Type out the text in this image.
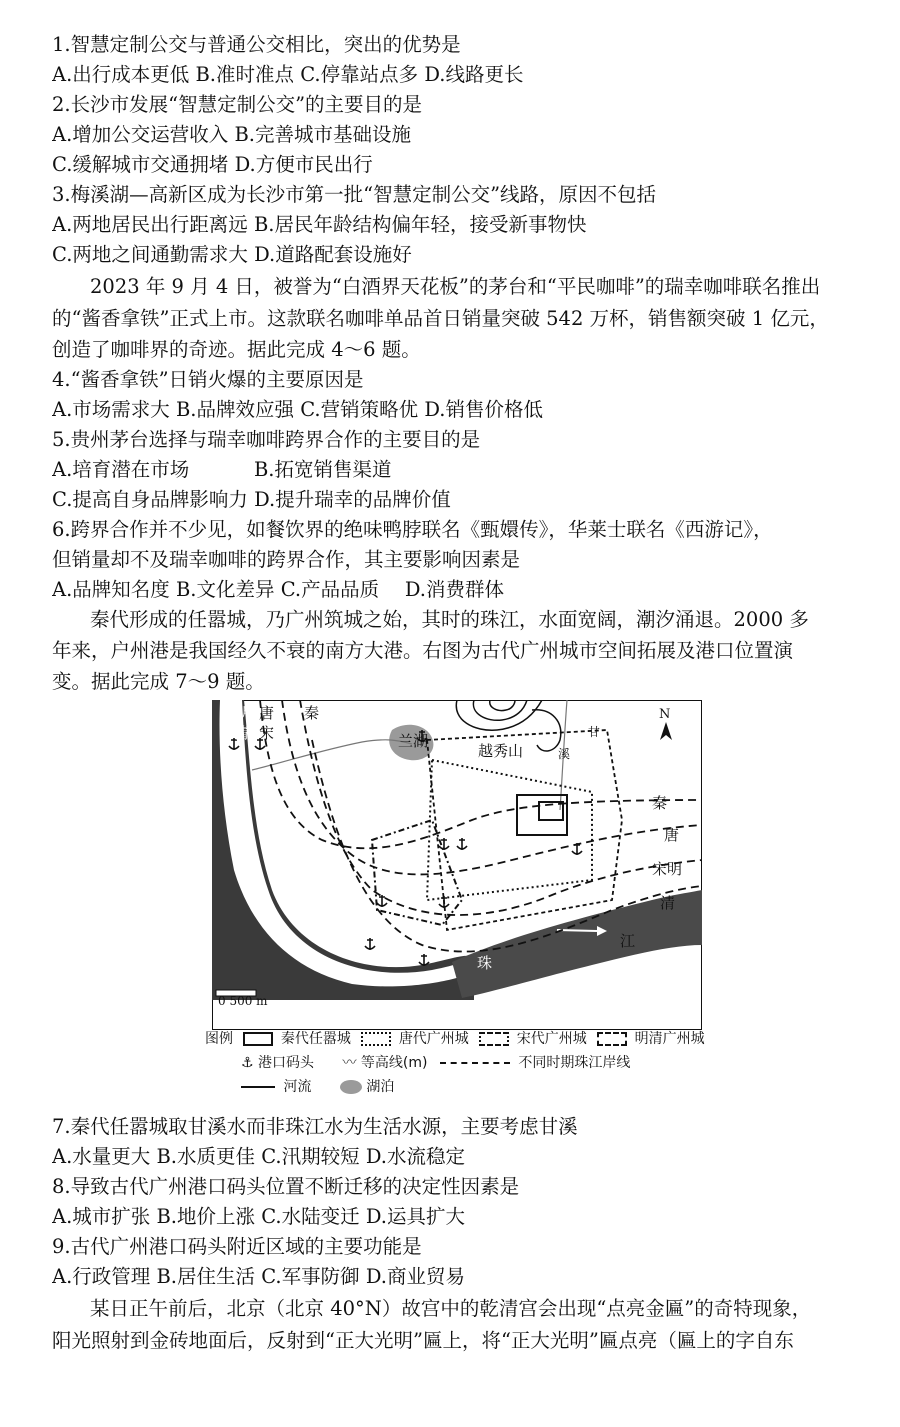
1.智慧定制公交与普通公交相比，突出的优势是
A.出行成本更低 B.准时准点 C.停靠站点多 D.线路更长
2.长沙市发展“智慧定制公交”的主要目的是
A.增加公交运营收入 B.完善城市基础设施
C.缓解城市交通拥堵 D.方便市民出行
3.梅溪湖—高新区成为长沙市第一批“智慧定制公交”线路，原因不包括
A.两地居民出行距离远 B.居民年龄结构偏年轻，接受新事物快
C.两地之间通勤需求大 D.道路配套设施好
2023 年 9 月 4 日，被誉为“白酒界天花板”的茅台和“平民咖啡”的瑞幸咖啡联名推出
的“酱香拿铁”正式上市。这款联名咖啡单品首日销量突破 542 万杯，销售额突破 1 亿元，
创造了咖啡界的奇迹。据此完成 4～6 题。
4.“酱香拿铁”日销火爆的主要原因是
A.市场需求大 B.品牌效应强 C.营销策略优 D.销售价格低
5.贵州茅台选择与瑞幸咖啡跨界合作的主要目的是
A.培育潜在市场　　　 B.拓宽销售渠道
C.提高自身品牌影响力 D.提升瑞幸的品牌价值
6.跨界合作并不少见，如餐饮界的绝味鸭脖联名《甄嬛传》，华莱士联名《西游记》，
但销量却不及瑞幸咖啡的跨界合作，其主要影响因素是
A.品牌知名度 B.文化差异 C.产品品质　 D.消费群体
秦代形成的任嚣城，乃广州筑城之始，其时的珠江，水面宽阔，潮汐涌退。2000 多
年来，户州港是我国经久不衰的南方大港。右图为古代广州城市空间拓展及港口位置演
变。据此完成 7～9 题。
明 唐
宋
清
秦
兰湖
越秀山
甘
溪
N
秦
唐
宋明
清
江
珠
0 500 m
图例	秦代任嚣城	唐代广州城	宋代广州城	明清广州城
⚓ 港口码头 〰 等高线(m)	不同时期珠江岸线
河流	湖泊
7.秦代任嚣城取甘溪水而非珠江水为生活水源，主要考虑甘溪
A.水量更大 B.水质更佳 C.汛期较短 D.水流稳定
8.导致古代广州港口码头位置不断迁移的决定性因素是
A.城市扩张 B.地价上涨 C.水陆变迁 D.运具扩大
9.古代广州港口码头附近区域的主要功能是
A.行政管理 B.居住生活 C.军事防御 D.商业贸易
某日正午前后，北京（北京 40°N）故宫中的乾清宫会出现“点亮金匾”的奇特现象，
阳光照射到金砖地面后，反射到“正大光明”匾上，将“正大光明”匾点亮（匾上的字自东
